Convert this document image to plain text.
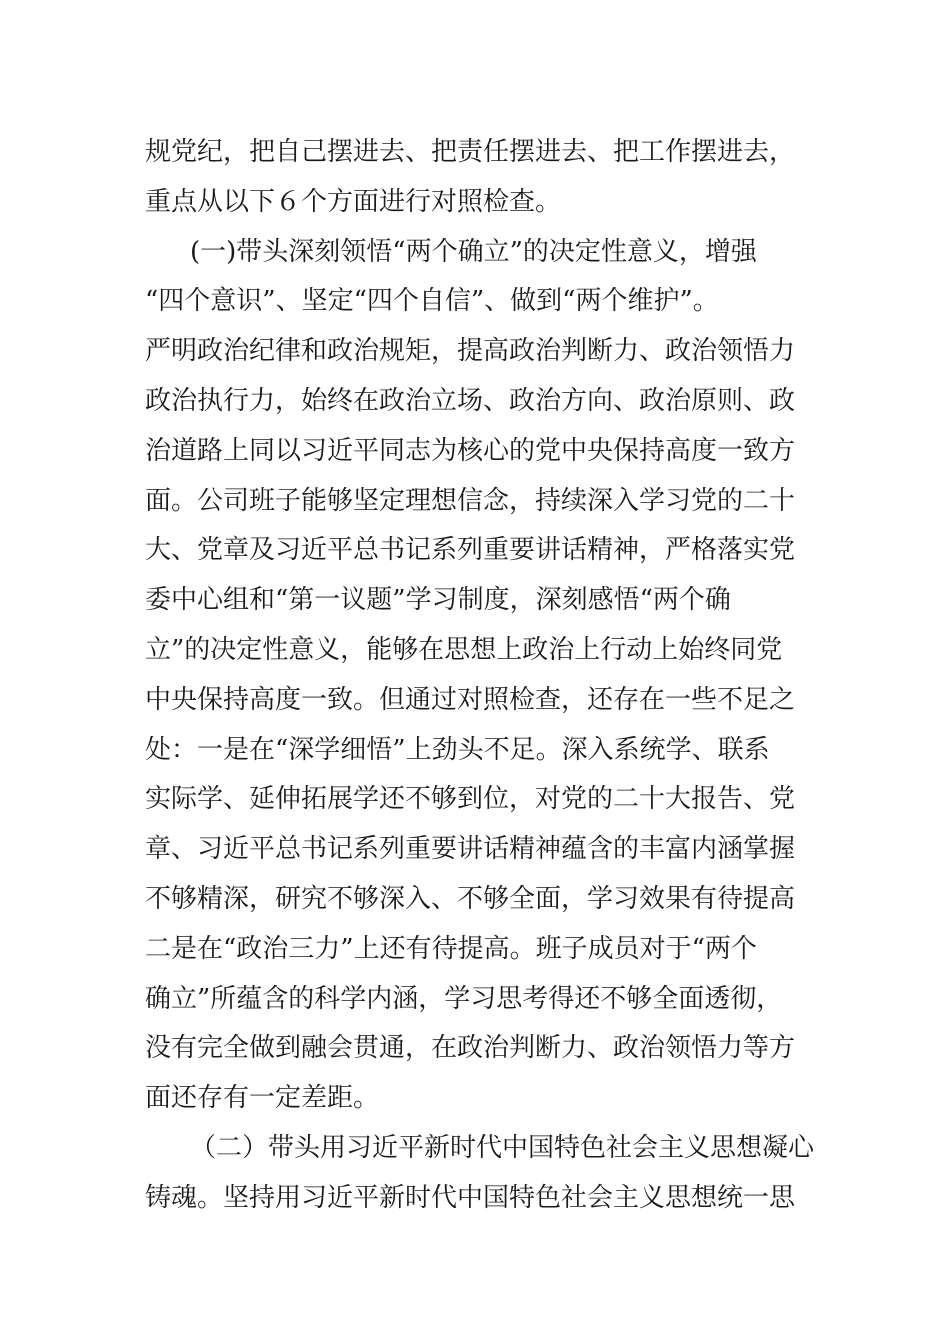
规党纪，把自己摆进去、把责任摆进去、把工作摆进去，
重点从以下６个方面进行对照检查。
(一)带头深刻领悟“两个确立”的决定性意义，增强
“四个意识”、坚定“四个自信”、做到“两个维护”。
严明政治纪律和政治规矩，提高政治判断力、政治领悟力
政治执行力，始终在政治立场、政治方向、政治原则、政
治道路上同以习近平同志为核心的党中央保持高度一致方
面。公司班子能够坚定理想信念，持续深入学习党的二十
大、党章及习近平总书记系列重要讲话精神，严格落实党
委中心组和“第一议题”学习制度，深刻感悟“两个确
立”的决定性意义，能够在思想上政治上行动上始终同党
中央保持高度一致。但通过对照检查，还存在一些不足之
处：一是在“深学细悟”上劲头不足。深入系统学、联系
实际学、延伸拓展学还不够到位，对党的二十大报告、党
章、习近平总书记系列重要讲话精神蕴含的丰富内涵掌握
不够精深，研究不够深入、不够全面，学习效果有待提高
二是在“政治三力”上还有待提高。班子成员对于“两个
确立”所蕴含的科学内涵，学习思考得还不够全面透彻，
没有完全做到融会贯通，在政治判断力、政治领悟力等方
面还存有一定差距。
（二）带头用习近平新时代中国特色社会主义思想凝心
铸魂。坚持用习近平新时代中国特色社会主义思想统一思
